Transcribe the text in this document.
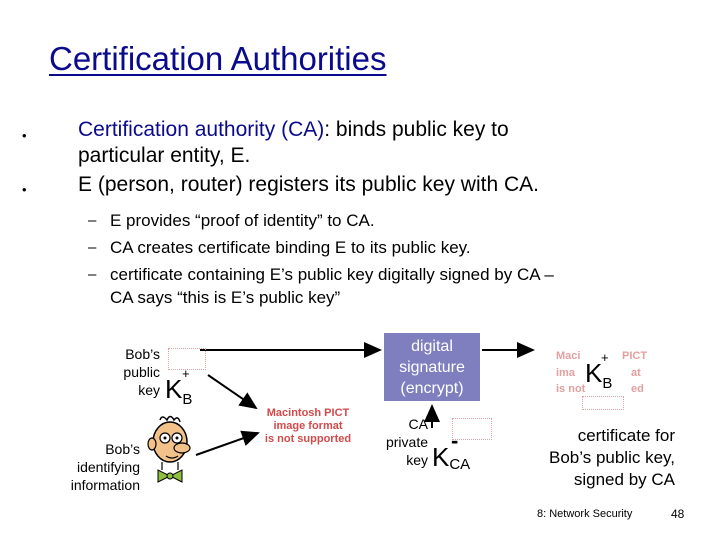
Certification Authorities
• Certification authority (CA): binds public key to
particular entity, E.
• E (person, router) registers its public key with CA.
– E provides “proof of identity” to CA.
– CA creates certificate binding E to its public key.
– certificate containing E’s public key digitally signed by CA –
CA says “this is E’s public key”
Bob’s
public
key $K_B$
+
Bob’s
identifying
information
Macintosh PICT
image format
is not supported
digital
signature
(encrypt)
CA
private
key KCA
-
Maci	PICT
ima	at
is not	ed
$K_B$
+
certificate for
Bob’s public key,
signed by CA
8: Network Security	48
